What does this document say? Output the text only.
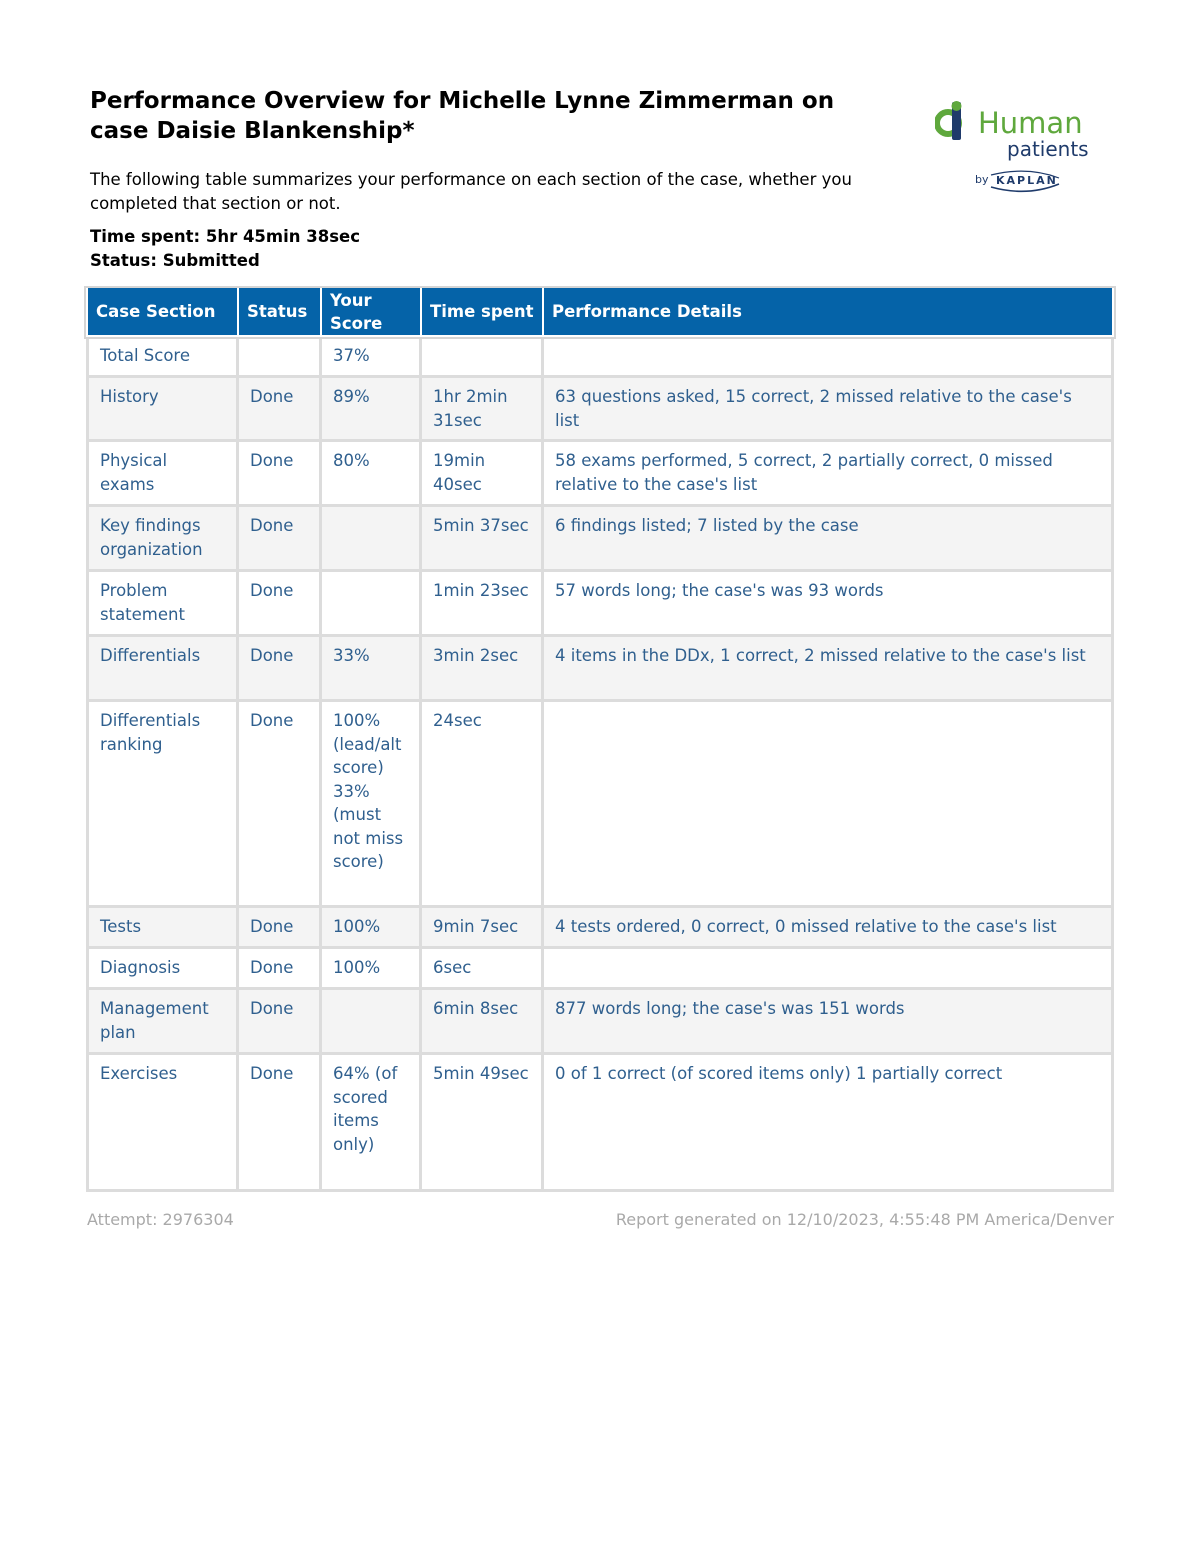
Performance Overview for Michelle Lynne Zimmerman on case Daisie Blankenship*	Human
patients
by KAPLAN

The following table summarizes your performance on each section of the case, whether you completed that section or not.

Time spent: 5hr 45min 38sec
Status: Submitted
Case Section	Status	Your Score	Time spent	Performance Details
Total Score		37%		
History	Done	89%	1hr 2min 31sec	63 questions asked, 15 correct, 2 missed relative to the case's list
Physical exams	Done	80%	19min 40sec	58 exams performed, 5 correct, 2 partially correct, 0 missed relative to the case's list
Key findings organization	Done		5min 37sec	6 findings listed; 7 listed by the case
Problem statement	Done		1min 23sec	57 words long; the case's was 93 words
Differentials	Done	33%	3min 2sec	4 items in the DDx, 1 correct, 2 missed relative to the case's list
Differentials ranking	Done	100% (lead/alt score) 33% (must not miss score)	24sec	
Tests	Done	100%	9min 7sec	4 tests ordered, 0 correct, 0 missed relative to the case's list
Diagnosis	Done	100%	6sec	
Management plan	Done		6min 8sec	877 words long; the case's was 151 words
Exercises	Done	64% (of scored items only)	5min 49sec	0 of 1 correct (of scored items only) 1 partially correct
Attempt: 2976304	Report generated on 12/10/2023, 4:55:48 PM America/Denver
